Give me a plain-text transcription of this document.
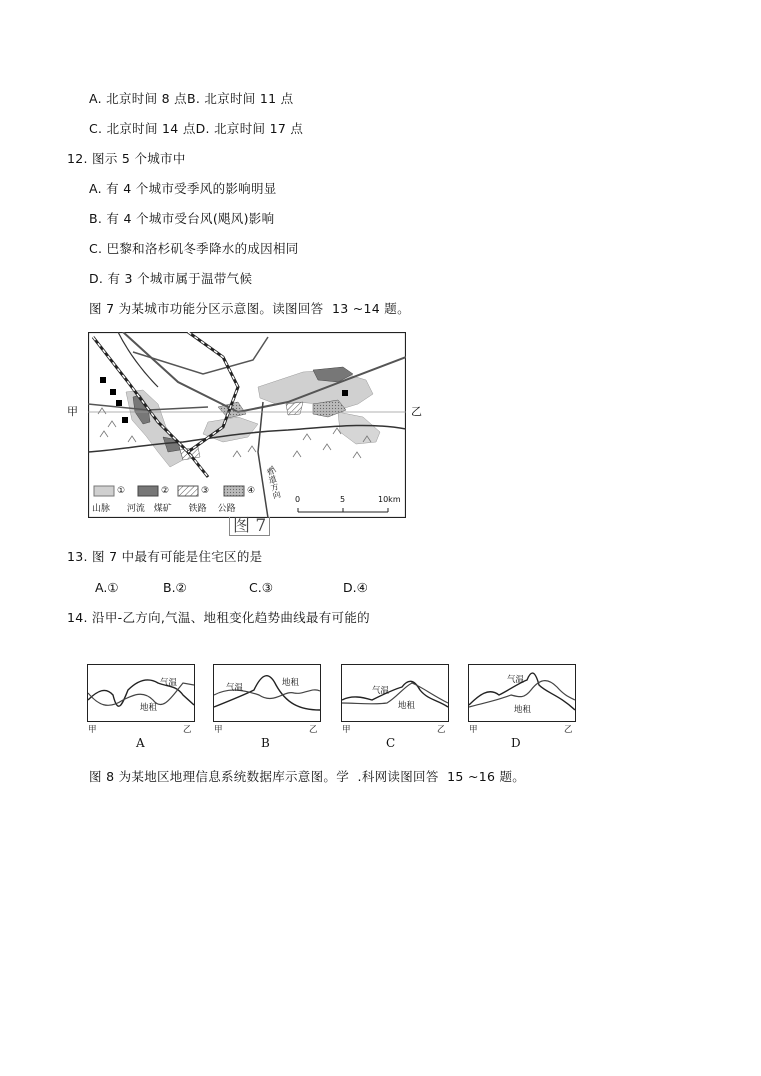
A. 北京时间 8 点B. 北京时间 11 点
C. 北京时间 14 点D. 北京时间 17 点
12. 图示 5 个城市中
A. 有 4 个城市受季风的影响明显
B. 有 4 个城市受台风(飓风)影响
C. 巴黎和洛杉矶冬季降水的成因相同
D. 有 3 个城市属于温带气候
图 7 为某城市功能分区示意图。读图回答  13 ~14 题。
甲	乙
①	②	③	④
山脉 河流 煤矿 铁路 公路
0	5	10km
省道方向
图 7
13. 图 7 中最有可能是住宅区的是
A.①	B.②	C.③	D.④
14. 沿甲-乙方向,气温、地租变化趋势曲线最有可能的
气温
地租
甲	乙
A
气温	地租
甲	乙
B
气温
地租
甲	乙
C
气温
地租
甲	乙
D
图 8 为某地区地理信息系统数据库示意图。学  .科网读图回答  15 ~16 题。
